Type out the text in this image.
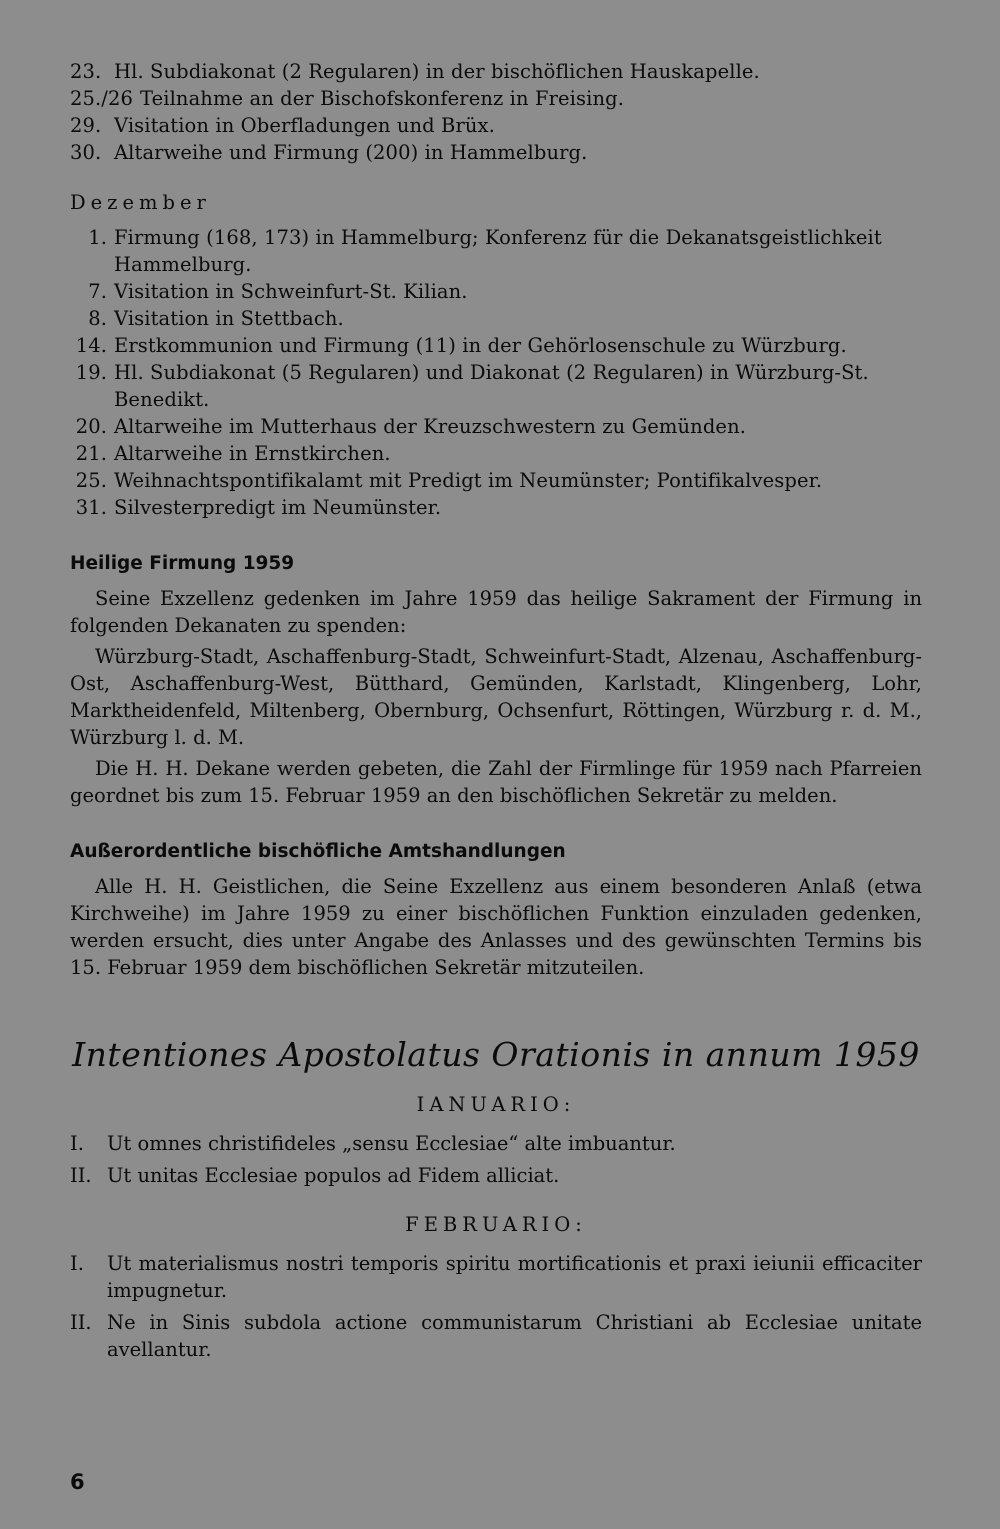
23. Hl. Subdiakonat (2 Regularen) in der bischöflichen Hauskapelle.
25./26 Teilnahme an der Bischofskonferenz in Freising.
29. Visitation in Oberfladungen und Brüx.
30. Altarweihe und Firmung (200) in Hammelburg.
Dezember
1. Firmung (168, 173) in Hammelburg; Konferenz für die Dekanatsgeistlichkeit Hammelburg.
7. Visitation in Schweinfurt-St. Kilian.
8. Visitation in Stettbach.
14. Erstkommunion und Firmung (11) in der Gehörlosenschule zu Würzburg.
19. Hl. Subdiakonat (5 Regularen) und Diakonat (2 Regularen) in Würzburg-St. Benedikt.
20. Altarweihe im Mutterhaus der Kreuzschwestern zu Gemünden.
21. Altarweihe in Ernstkirchen.
25. Weihnachtspontifikalamt mit Predigt im Neumünster; Pontifikalvesper.
31. Silvesterpredigt im Neumünster.
Heilige Firmung 1959

Seine Exzellenz gedenken im Jahre 1959 das heilige Sakrament der Firmung in folgenden Dekanaten zu spenden:

Würzburg-Stadt, Aschaffenburg-Stadt, Schweinfurt-Stadt, Alzenau, Aschaffenburg-Ost, Aschaffenburg-West, Bütthard, Gemünden, Karlstadt, Klingenberg, Lohr, Marktheidenfeld, Miltenberg, Obernburg, Ochsenfurt, Röttingen, Würzburg r. d. M., Würzburg l. d. M.

Die H. H. Dekane werden gebeten, die Zahl der Firmlinge für 1959 nach Pfarreien geordnet bis zum 15. Februar 1959 an den bischöflichen Sekretär zu melden.

Außerordentliche bischöfliche Amtshandlungen

Alle H. H. Geistlichen, die Seine Exzellenz aus einem besonderen Anlaß (etwa Kirchweihe) im Jahre 1959 zu einer bischöflichen Funktion einzuladen gedenken, werden ersucht, dies unter Angabe des Anlasses und des gewünschten Termins bis 15. Februar 1959 dem bischöflichen Sekretär mitzuteilen.

Intentiones Apostolatus Orationis in annum 1959
IANUARIO:
I.	Ut omnes christifideles „sensu Ecclesiae“ alte imbuantur.
II. Ut unitas Ecclesiae populos ad Fidem alliciat.
FEBRUARIO:
I.	Ut materialismus nostri temporis spiritu mortificationis et praxi ieiunii efficaciter impugnetur.
II. Ne in Sinis subdola actione communistarum Christiani ab Ecclesiae unitate avellantur.
6
